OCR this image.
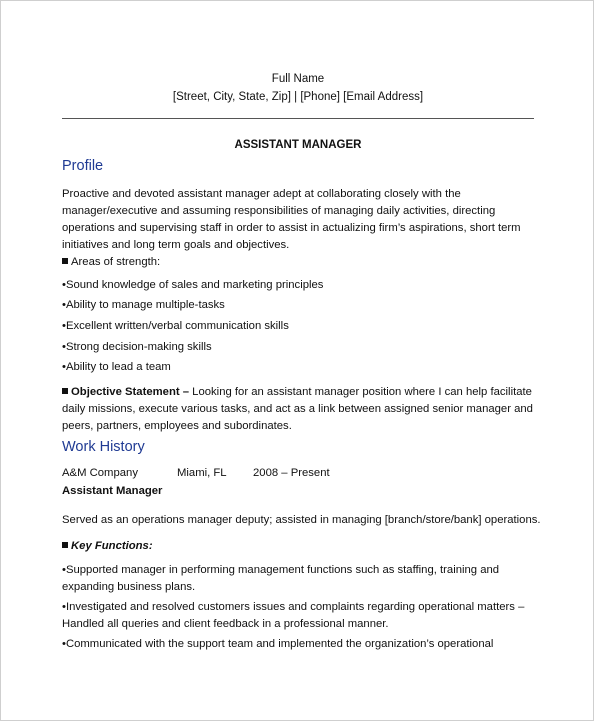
Full Name
[Street, City, State, Zip] | [Phone] [Email Address]
ASSISTANT MANAGER
Profile
Proactive and devoted assistant manager adept at collaborating closely with the
manager/executive and assuming responsibilities of managing daily activities, directing
operations and supervising staff in order to assist in actualizing firm’s aspirations, short term
initiatives and long term goals and objectives.
Areas of strength:
•Sound knowledge of sales and marketing principles
•Ability to manage multiple-tasks
•Excellent written/verbal communication skills
•Strong decision-making skills
•Ability to lead a team
Objective Statement – Looking for an assistant manager position where I can help facilitate
daily missions, execute various tasks, and act as a link between assigned senior manager and
peers, partners, employees and subordinates.
Work History
A&M Company	Miami, FL 2008 – Present
Assistant Manager
Served as an operations manager deputy; assisted in managing [branch/store/bank] operations.
Key Functions:
•Supported manager in performing management functions such as staffing, training and
expanding business plans.
•Investigated and resolved customers issues and complaints regarding operational matters –
Handled all queries and client feedback in a professional manner.
•Communicated with the support team and implemented the organization’s operational
